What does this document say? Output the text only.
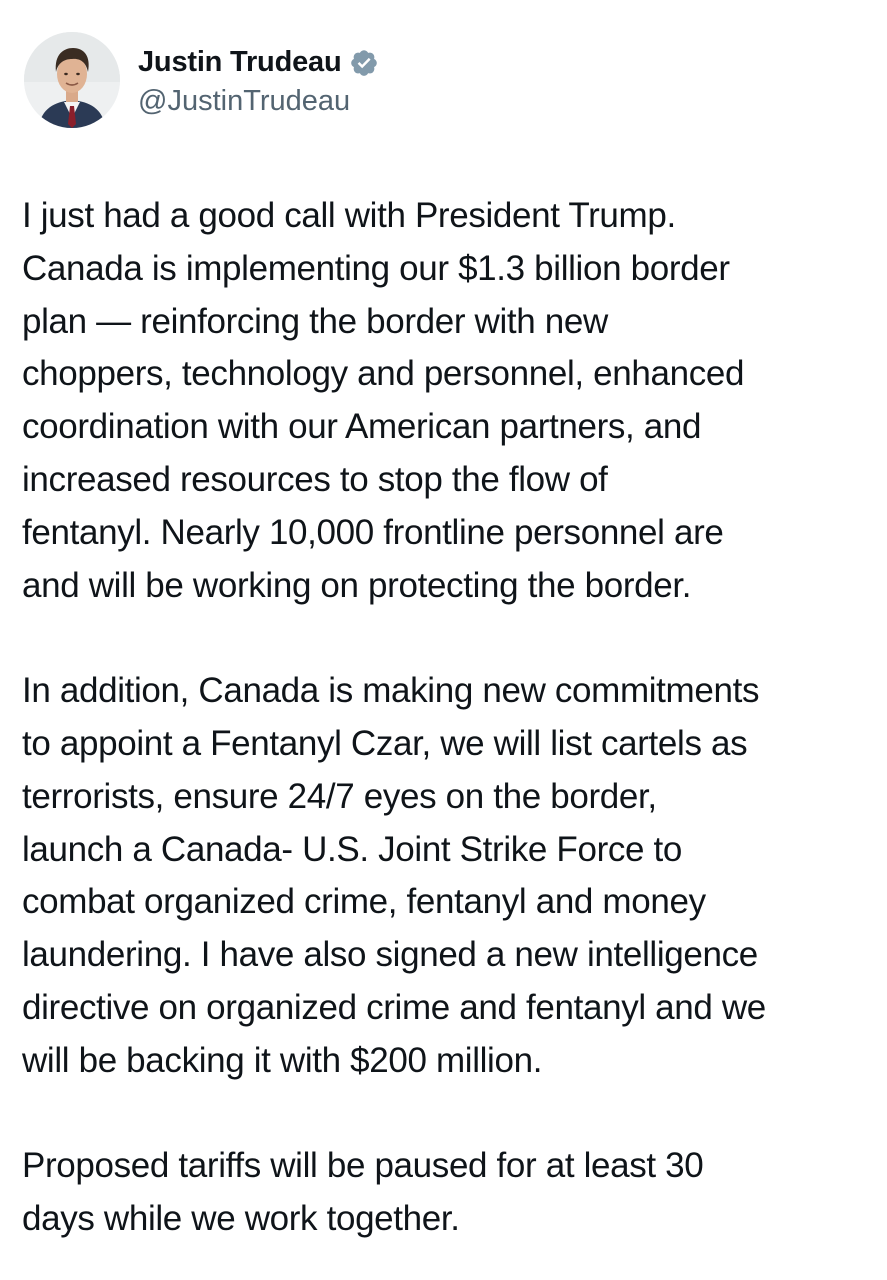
Justin Trudeau
@JustinTrudeau

I just had a good call with President Trump.
Canada is implementing our $1.3 billion border
plan — reinforcing the border with new
choppers, technology and personnel, enhanced
coordination with our American partners, and
increased resources to stop the flow of
fentanyl. Nearly 10,000 frontline personnel are
and will be working on protecting the border.

In addition, Canada is making new commitments
to appoint a Fentanyl Czar, we will list cartels as
terrorists, ensure 24/7 eyes on the border,
launch a Canada- U.S. Joint Strike Force to
combat organized crime, fentanyl and money
laundering. I have also signed a new intelligence
directive on organized crime and fentanyl and we
will be backing it with $200 million.

Proposed tariffs will be paused for at least 30
days while we work together.
